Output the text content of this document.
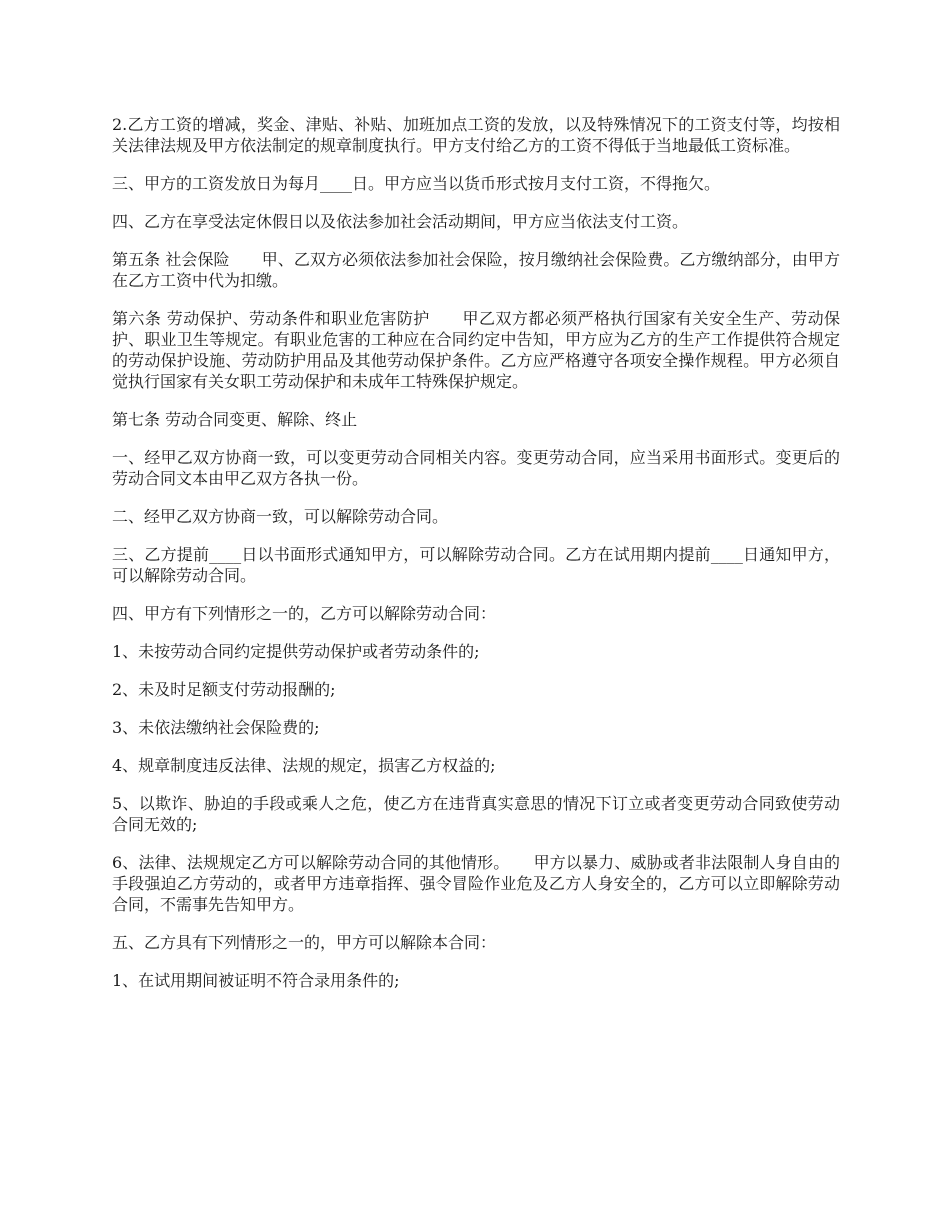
2.乙方工资的增减，奖金、津贴、补贴、加班加点工资的发放，以及特殊情况下的工资支付等，均按相关法律法规及甲方依法制定的规章制度执行。甲方支付给乙方的工资不得低于当地最低工资标准。

三、甲方的工资发放日为每月____日。甲方应当以货币形式按月支付工资，不得拖欠。

四、乙方在享受法定休假日以及依法参加社会活动期间，甲方应当依法支付工资。

第五条 社会保险　　甲、乙双方必须依法参加社会保险，按月缴纳社会保险费。乙方缴纳部分，由甲方在乙方工资中代为扣缴。

第六条 劳动保护、劳动条件和职业危害防护　　甲乙双方都必须严格执行国家有关安全生产、劳动保护、职业卫生等规定。有职业危害的工种应在合同约定中告知，甲方应为乙方的生产工作提供符合规定的劳动保护设施、劳动防护用品及其他劳动保护条件。乙方应严格遵守各项安全操作规程。甲方必须自觉执行国家有关女职工劳动保护和未成年工特殊保护规定。

第七条 劳动合同变更、解除、终止

一、经甲乙双方协商一致，可以变更劳动合同相关内容。变更劳动合同，应当采用书面形式。变更后的劳动合同文本由甲乙双方各执一份。

二、经甲乙双方协商一致，可以解除劳动合同。

三、乙方提前____日以书面形式通知甲方，可以解除劳动合同。乙方在试用期内提前____日通知甲方，可以解除劳动合同。

四、甲方有下列情形之一的，乙方可以解除劳动合同：

1、未按劳动合同约定提供劳动保护或者劳动条件的;

2、未及时足额支付劳动报酬的;

3、未依法缴纳社会保险费的;

4、规章制度违反法律、法规的规定，损害乙方权益的;

5、以欺诈、胁迫的手段或乘人之危，使乙方在违背真实意思的情况下订立或者变更劳动合同致使劳动合同无效的;

6、法律、法规规定乙方可以解除劳动合同的其他情形。　　甲方以暴力、威胁或者非法限制人身自由的手段强迫乙方劳动的，或者甲方违章指挥、强令冒险作业危及乙方人身安全的，乙方可以立即解除劳动合同，不需事先告知甲方。

五、乙方具有下列情形之一的，甲方可以解除本合同：

1、在试用期间被证明不符合录用条件的;
